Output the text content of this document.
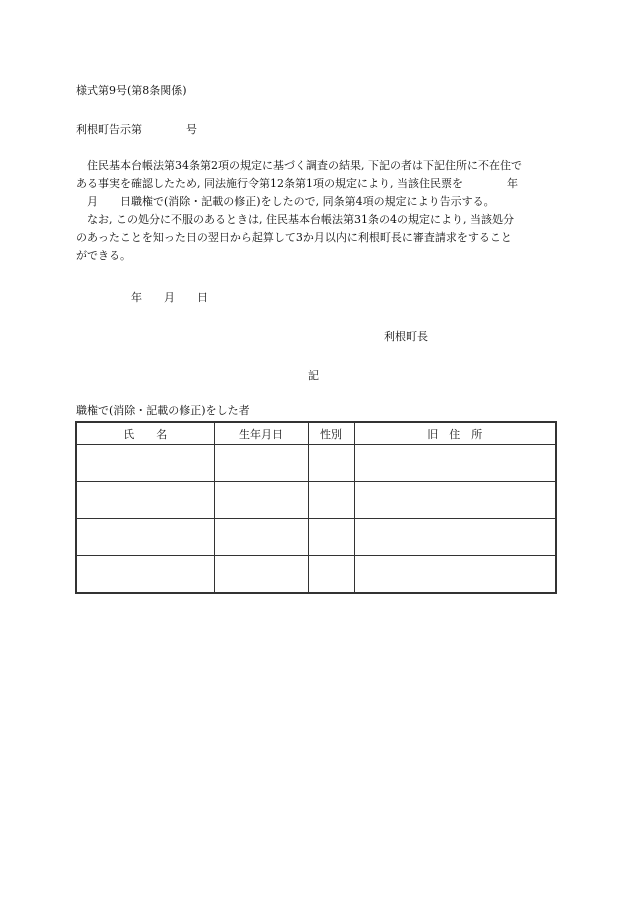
様式第9号(第8条関係)
利根町告示第　　　　号
　住民基本台帳法第34条第2項の規定に基づく調査の結果, 下記の者は下記住所に不在住で
ある事実を確認したため, 同法施行令第12条第1項の規定により, 当該住民票を　　　　年
　月　　日職権で(消除・記載の修正)をしたので, 同条第4項の規定により告示する。
　なお, この処分に不服のあるときは, 住民基本台帳法第31条の4の規定により, 当該処分
のあったことを知った日の翌日から起算して3か月以内に利根町長に審査請求をすること
ができる。
　　　　　年　　月　　日
利根町長
記
職権で(消除・記載の修正)をした者
氏　　名	生年月日	性別	旧　住　所
